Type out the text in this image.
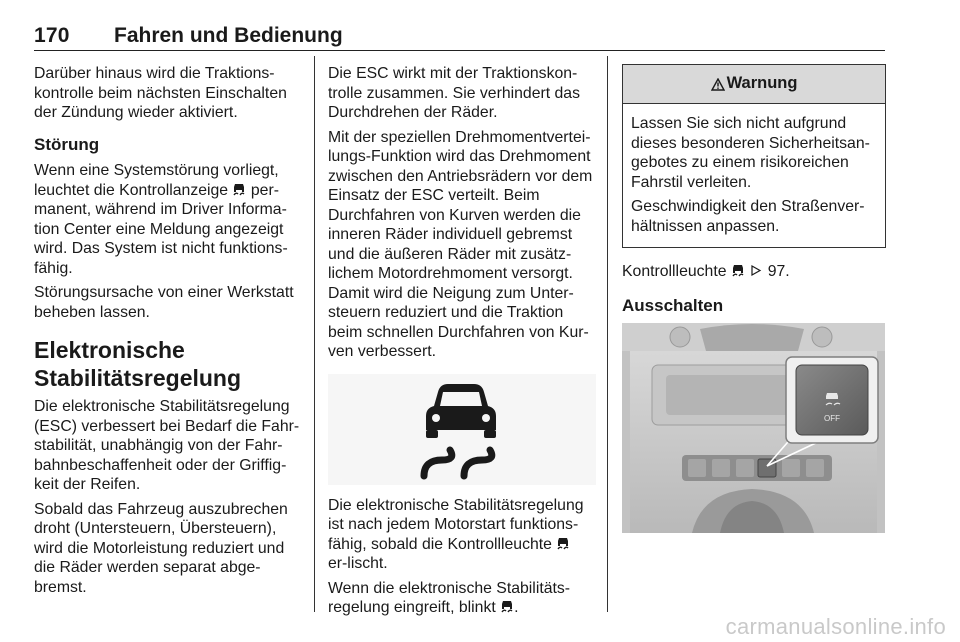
170 Fahren und Bedienung

Darüber hinaus wird die Traktions-kontrolle beim nächsten Einschalten der Zündung wieder aktiviert.

Störung

Wenn eine Systemstörung vorliegt, leuchtet die Kontrollanzeige per-manent, während im Driver Informa-tion Center eine Meldung angezeigt wird. Das System ist nicht funktions-fähig.

Störungsursache von einer Werkstatt beheben lassen.

Elektronische
Stabilitätsregelung

Die elektronische Stabilitätsregelung (ESC) verbessert bei Bedarf die Fahr-stabilität, unabhängig von der Fahr-bahnbeschaffenheit oder der Griffig-keit der Reifen.

Sobald das Fahrzeug auszubrechen droht (Untersteuern, Übersteuern), wird die Motorleistung reduziert und die Räder werden separat abge-bremst.

Die ESC wirkt mit der Traktionskon-trolle zusammen. Sie verhindert das Durchdrehen der Räder.

Mit der speziellen Drehmomentvertei-lungs-Funktion wird das Drehmoment zwischen den Antriebsrädern vor dem Einsatz der ESC verteilt. Beim Durchfahren von Kurven werden die inneren Räder individuell gebremst und die äußeren Räder mit zusätz-lichem Motordrehmoment versorgt. Damit wird die Neigung zum Unter-steuern reduziert und die Traktion beim schnellen Durchfahren von Kur-ven verbessert.

Die elektronische Stabilitätsregelung ist nach jedem Motorstart funktions-fähig, sobald die Kontrollleuchte
er-lischt.

Wenn die elektronische Stabilitäts-regelung eingreift, blinkt .

Warnung

Lassen Sie sich nicht aufgrund dieses besonderen Sicherheitsan-gebotes zu einem risikoreichen Fahrstil verleiten.

Geschwindigkeit den Straßenver-hältnissen anpassen.

Kontrollleuchte
	97.

Ausschalten
OFF
carmanualsonline.info
